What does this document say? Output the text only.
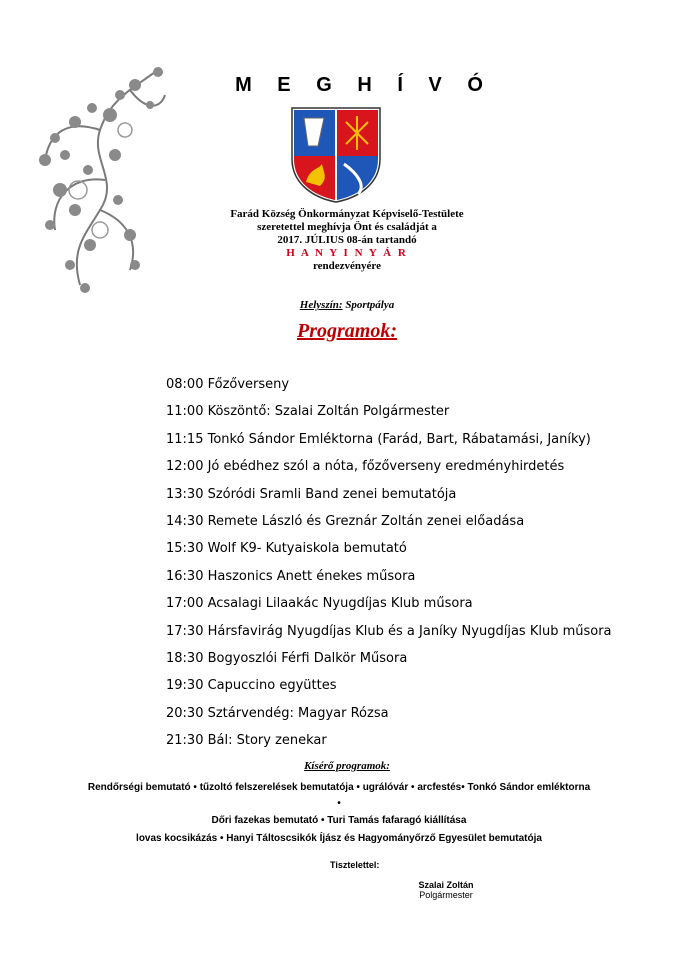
M E G H Í V Ó
Farád Község Önkormányzat Képviselő-Testülete
szeretettel meghívja Önt és családját a
2017. JÚLIUS 08-án tartandó
H A N Y I N Y Á R
rendezvényére
Helyszín: Sportpálya
Programok:
08:00 Főzőverseny
11:00 Köszöntő: Szalai Zoltán Polgármester
11:15 Tonkó Sándor Emléktorna (Farád, Bart, Rábatamási, Janíky)
12:00 Jó ebédhez szól a nóta, főzőverseny eredményhirdetés
13:30 Szóródi Sramli Band zenei bemutatója
14:30 Remete László és Greznár Zoltán zenei előadása
15:30 Wolf K9- Kutyaiskola bemutató
16:30 Haszonics Anett énekes műsora
17:00 Acsalagi Lilaakác Nyugdíjas Klub műsora
17:30 Hársfavirág Nyugdíjas Klub és a Janíky Nyugdíjas Klub műsora
18:30 Bogyoszlói Férfi Dalkör Műsora
19:30 Capuccino együttes
20:30 Sztárvendég: Magyar Rózsa
21:30 Bál: Story zenekar
Kísérő programok:
Rendőrségi bemutató • tűzoltó felszerelések bemutatója • ugrálóvár • arcfestés• Tonkó Sándor emléktorna
•
Dőri fazekas bemutató • Turi Tamás fafaragó kiállítása
lovas kocsikázás • Hanyi Táltoscsikók Íjász és Hagyományőrző Egyesület bemutatója
Tisztelettel:
Szalai Zoltán
Polgármester
